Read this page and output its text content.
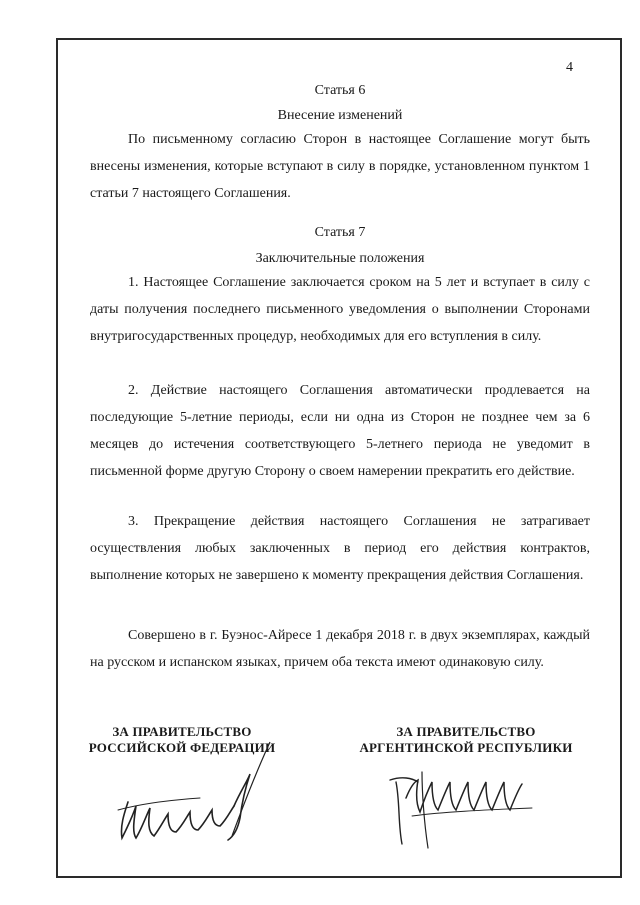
4
Статья 6
Внесение изменений

По письменному согласию Сторон в настоящее Соглашение могут быть внесены изменения, которые вступают в силу в порядке, установленном пунктом 1 статьи 7 настоящего Соглашения.

Статья 7
Заключительные положения

1. Настоящее Соглашение заключается сроком на 5 лет и вступает в силу с даты получения последнего письменного уведомления о выполнении Сторонами внутригосударственных процедур, необходимых для его вступления в силу.

2. Действие настоящего Соглашения автоматически продлевается на последующие 5-летние периоды, если ни одна из Сторон не позднее чем за 6 месяцев до истечения соответствующего 5-летнего периода не уведомит в письменной форме другую Сторону о своем намерении прекратить его действие.

3. Прекращение действия настоящего Соглашения не затрагивает осуществления любых заключенных в период его действия контрактов, выполнение которых не завершено к моменту прекращения действия Соглашения.

Совершено в г. Буэнос-Айресе 1 декабря 2018 г. в двух экземплярах, каждый на русском и испанском языках, причем оба текста имеют одинаковую силу.

ЗА ПРАВИТЕЛЬСТВО
РОССИЙСКОЙ ФЕДЕРАЦИИ
ЗА ПРАВИТЕЛЬСТВО
АРГЕНТИНСКОЙ РЕСПУБЛИКИ
